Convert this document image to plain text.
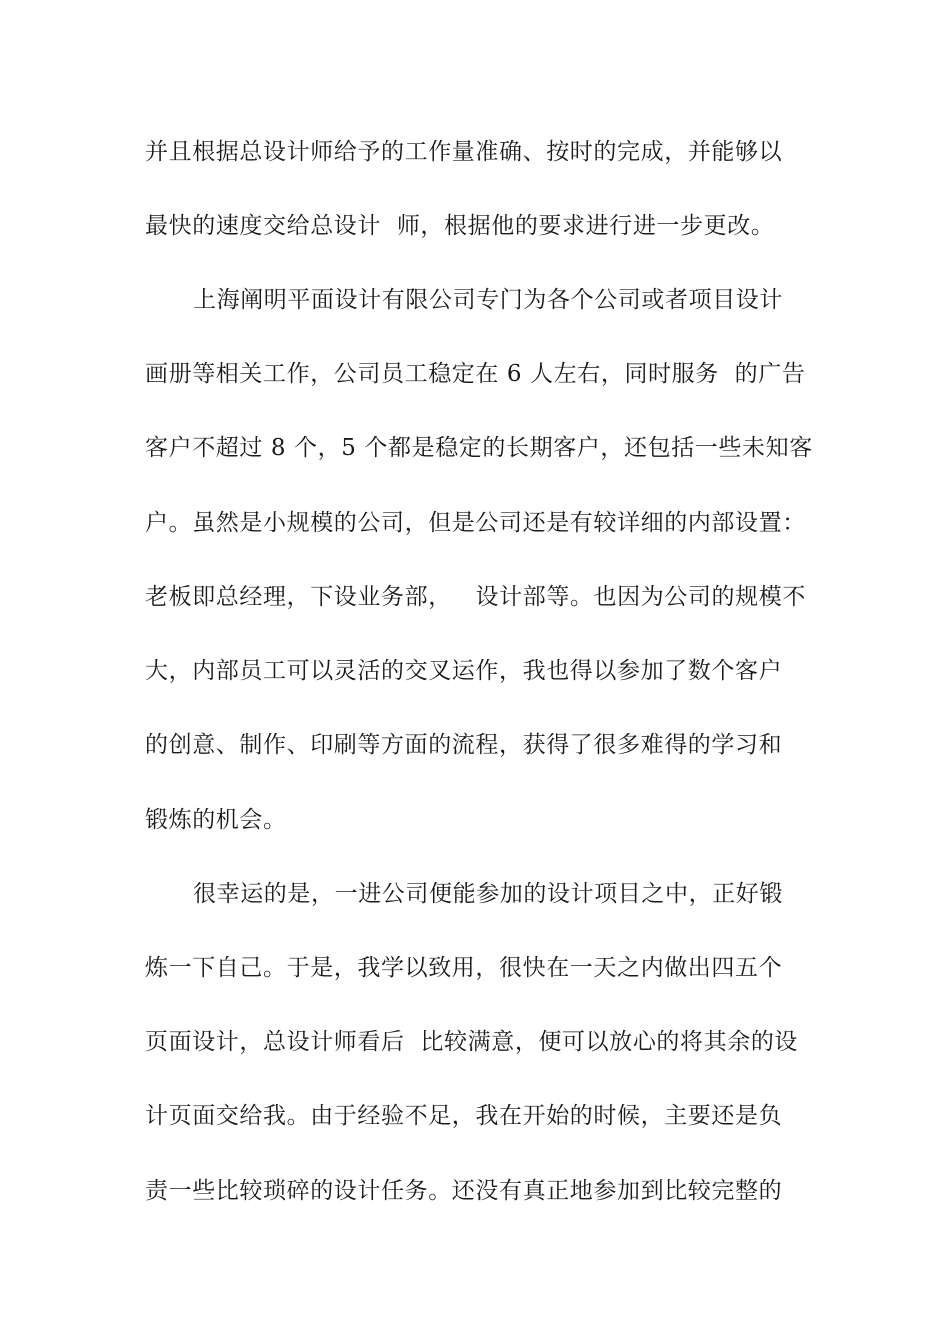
并且根据总设计师给予的工作量准确、按时的完成，并能够以
最快的速度交给总设计  师，根据他的要求进行进一步更改。
上海阐明平面设计有限公司专门为各个公司或者项目设计
画册等相关工作，公司员工稳定在 6 人左右，同时服务  的广告
客户不超过 8 个，5 个都是稳定的长期客户，还包括一些未知客
户。虽然是小规模的公司，但是公司还是有较详细的内部设置：
老板即总经理，下设业务部，   设计部等。也因为公司的规模不
大，内部员工可以灵活的交叉运作，我也得以参加了数个客户
的创意、制作、印刷等方面的流程，获得了很多难得的学习和
锻炼的机会。
很幸运的是，一进公司便能参加的设计项目之中，正好锻
炼一下自己。于是，我学以致用，很快在一天之内做出四五个
页面设计，总设计师看后  比较满意，便可以放心的将其余的设
计页面交给我。由于经验不足，我在开始的时候，主要还是负
责一些比较琐碎的设计任务。还没有真正地参加到比较完整的
